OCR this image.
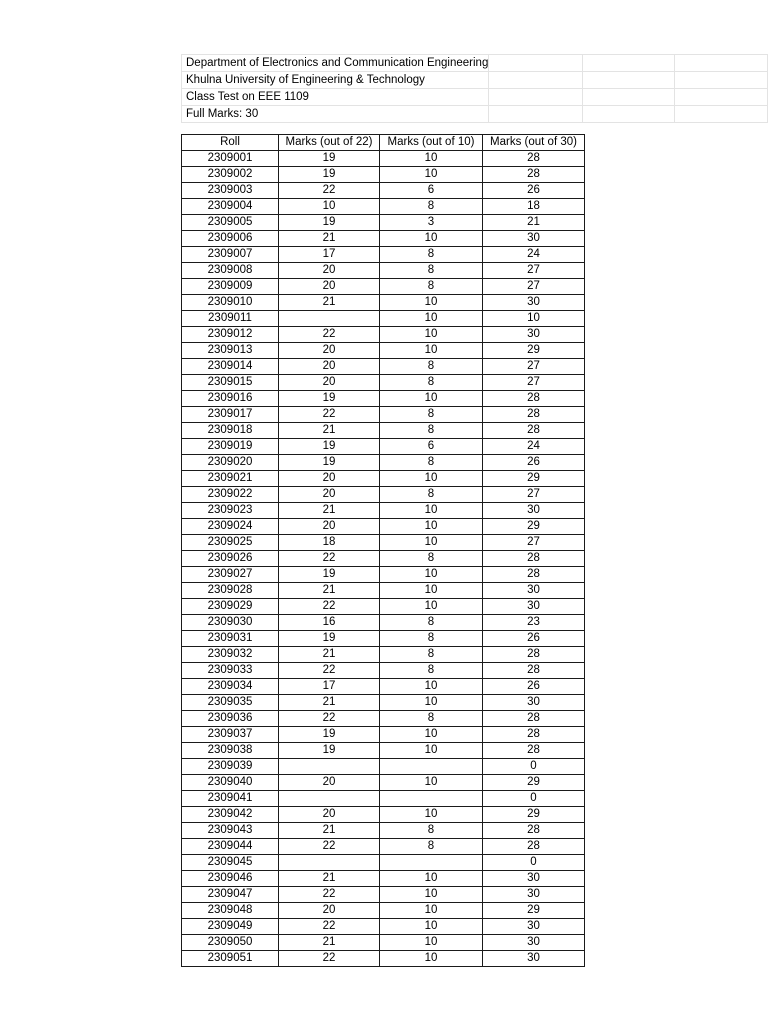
Department of Electronics and Communication Engineering			
Khulna University of Engineering & Technology			
Class Test on EEE 1109			
Full Marks: 30			
Roll	Marks (out of 22)	Marks (out of 10)	Marks (out of 30)
2309001	19	10	28
2309002	19	10	28
2309003	22	6	26
2309004	10	8	18
2309005	19	3	21
2309006	21	10	30
2309007	17	8	24
2309008	20	8	27
2309009	20	8	27
2309010	21	10	30
2309011		10	10
2309012	22	10	30
2309013	20	10	29
2309014	20	8	27
2309015	20	8	27
2309016	19	10	28
2309017	22	8	28
2309018	21	8	28
2309019	19	6	24
2309020	19	8	26
2309021	20	10	29
2309022	20	8	27
2309023	21	10	30
2309024	20	10	29
2309025	18	10	27
2309026	22	8	28
2309027	19	10	28
2309028	21	10	30
2309029	22	10	30
2309030	16	8	23
2309031	19	8	26
2309032	21	8	28
2309033	22	8	28
2309034	17	10	26
2309035	21	10	30
2309036	22	8	28
2309037	19	10	28
2309038	19	10	28
2309039			0
2309040	20	10	29
2309041			0
2309042	20	10	29
2309043	21	8	28
2309044	22	8	28
2309045			0
2309046	21	10	30
2309047	22	10	30
2309048	20	10	29
2309049	22	10	30
2309050	21	10	30
2309051	22	10	30
